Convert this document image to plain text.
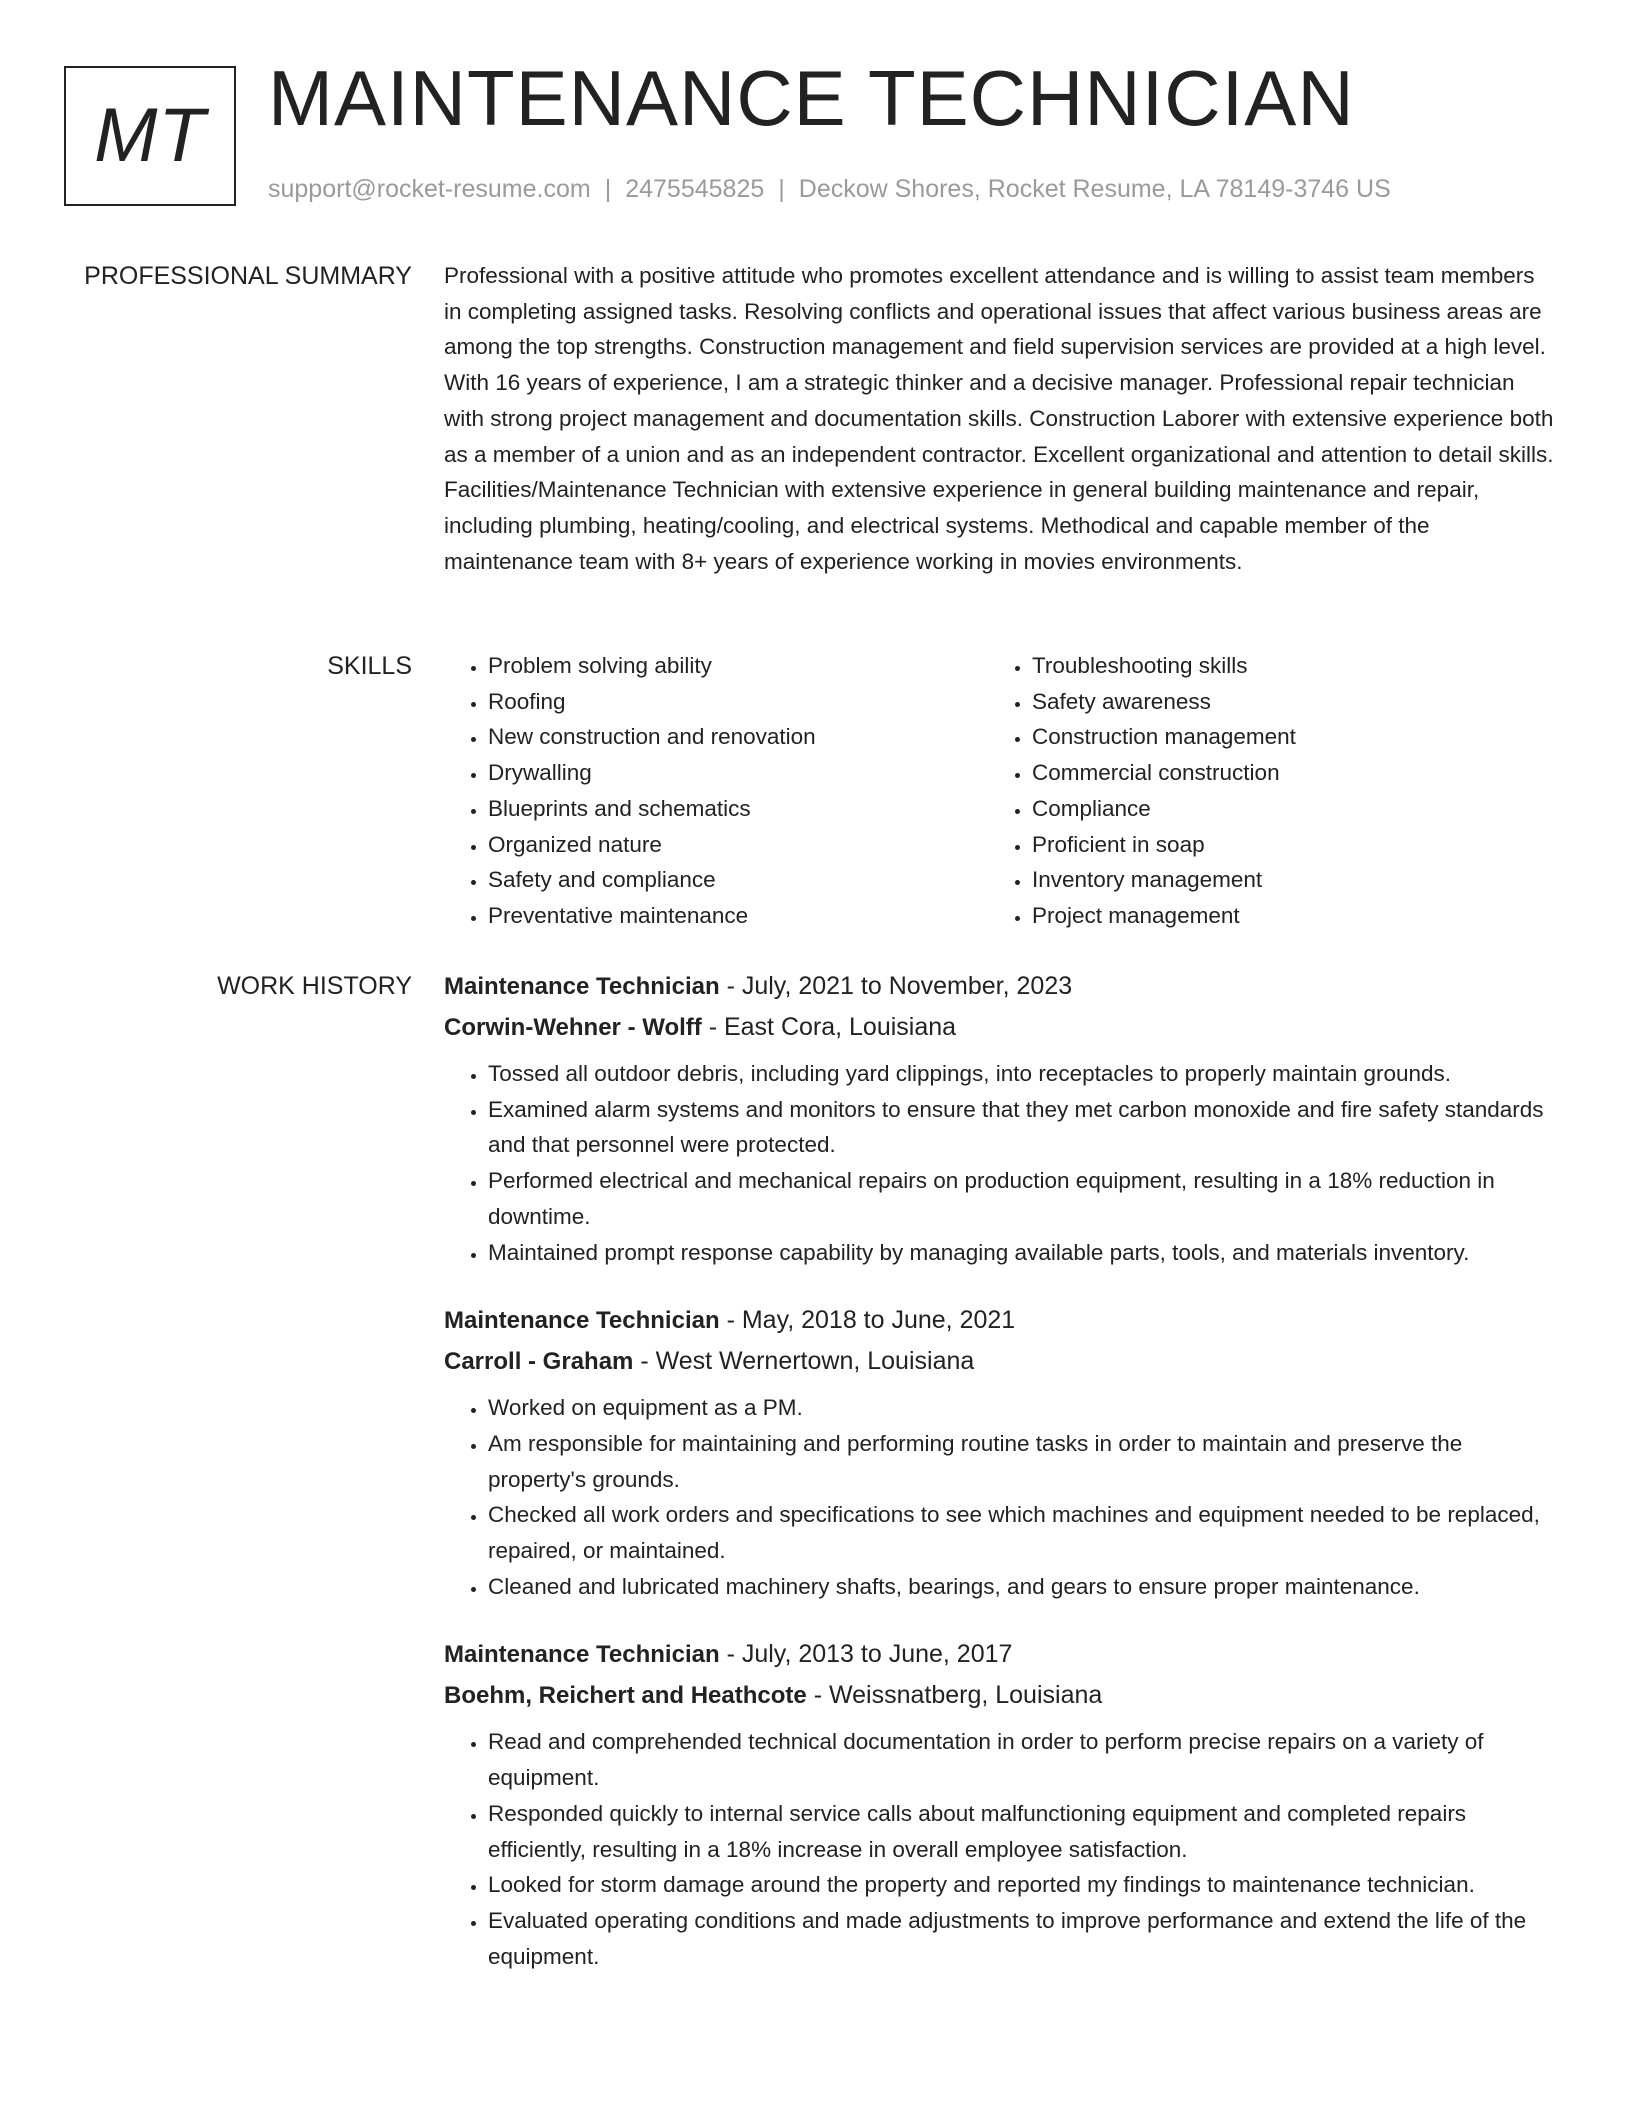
MT MAINTENANCE TECHNICIAN
support@rocket-resume.com | 2475545825 | Deckow Shores, Rocket Resume, LA 78149-3746 US
PROFESSIONAL SUMMARY Professional with a positive attitude who promotes excellent attendance and is willing to assist team members in completing assigned tasks. Resolving conflicts and operational issues that affect various business areas are among the top strengths. Construction management and field supervision services are provided at a high level. With 16 years of experience, I am a strategic thinker and a decisive manager. Professional repair technician with strong project management and documentation skills. Construction Laborer with extensive experience both as a member of a union and as an independent contractor. Excellent organizational and attention to detail skills. Facilities/Maintenance Technician with extensive experience in general building maintenance and repair, including plumbing, heating/cooling, and electrical systems. Methodical and capable member of the maintenance team with 8+ years of experience working in movies environments.

SKILLS
•	Problem solving ability
• Roofing
• New construction and renovation
• Drywalling
• Blueprints and schematics
• Organized nature
• Safety and compliance
• Preventative maintenance
• Troubleshooting skills
• Safety awareness
• Construction management
• Commercial construction
• Compliance
• Proficient in soap
• Inventory management
• Project management
WORK HISTORY Maintenance Technician - July, 2021 to November, 2023
Corwin-Wehner - Wolff - East Cora, Louisiana
• Tossed all outdoor debris, including yard clippings, into receptacles to properly maintain grounds.
• Examined alarm systems and monitors to ensure that they met carbon monoxide and fire safety standards and that personnel were protected.
• Performed electrical and mechanical repairs on production equipment, resulting in a 18% reduction in downtime.
• Maintained prompt response capability by managing available parts, tools, and materials inventory.
Maintenance Technician - May, 2018 to June, 2021
Carroll - Graham - West Wernertown, Louisiana
• Worked on equipment as a PM.
• Am responsible for maintaining and performing routine tasks in order to maintain and preserve the property's grounds.
• Checked all work orders and specifications to see which machines and equipment needed to be replaced, repaired, or maintained.
• Cleaned and lubricated machinery shafts, bearings, and gears to ensure proper maintenance.
Maintenance Technician - July, 2013 to June, 2017
Boehm, Reichert and Heathcote - Weissnatberg, Louisiana
• Read and comprehended technical documentation in order to perform precise repairs on a variety of equipment.
• Responded quickly to internal service calls about malfunctioning equipment and completed repairs efficiently, resulting in a 18% increase in overall employee satisfaction.
• Looked for storm damage around the property and reported my findings to maintenance technician.
• Evaluated operating conditions and made adjustments to improve performance and extend the life of the equipment.
